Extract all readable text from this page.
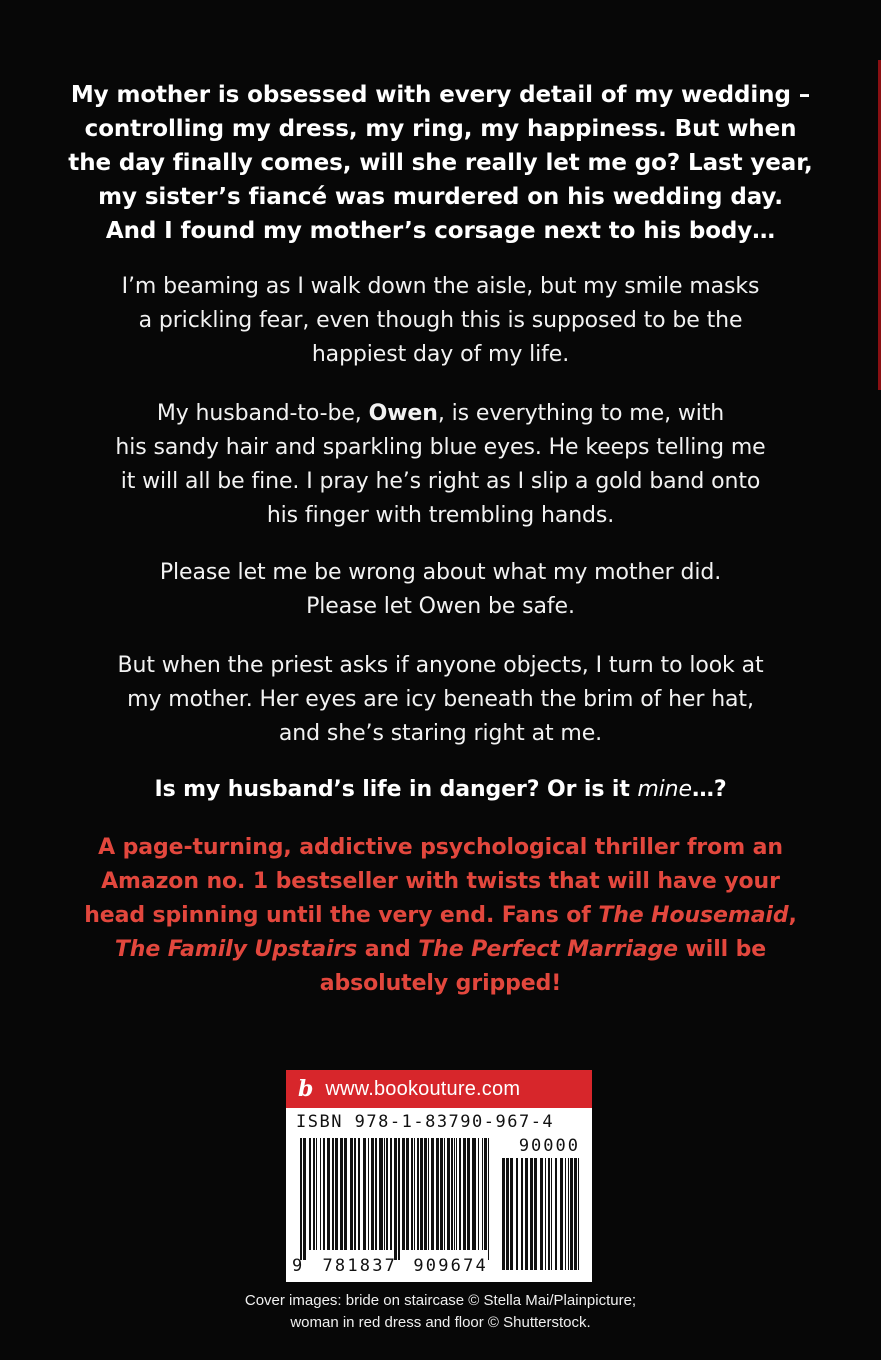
My mother is obsessed with every detail of my wedding –
controlling my dress, my ring, my happiness. But when
the day finally comes, will she really let me go? Last year,
my sister’s fiancé was murdered on his wedding day.
And I found my mother’s corsage next to his body…
I’m beaming as I walk down the aisle, but my smile masks
a prickling fear, even though this is supposed to be the
happiest day of my life.
My husband-to-be, Owen, is everything to me, with
his sandy hair and sparkling blue eyes. He keeps telling me
it will all be fine. I pray he’s right as I slip a gold band onto
his finger with trembling hands.
Please let me be wrong about what my mother did.
Please let Owen be safe.
But when the priest asks if anyone objects, I turn to look at
my mother. Her eyes are icy beneath the brim of her hat,
and she’s staring right at me.
Is my husband’s life in danger? Or is it mine…?
A page-turning, addictive psychological thriller from an
Amazon no. 1 bestseller with twists that will have your
head spinning until the very end. Fans of The Housemaid,
The Family Upstairs and The Perfect Marriage will be
absolutely gripped!
b www.bookouture.com
ISBN 978-1-83790-967-4
90000
9 781837 909674
Cover images: bride on staircase © Stella Mai/Plainpicture;
woman in red dress and floor © Shutterstock.
